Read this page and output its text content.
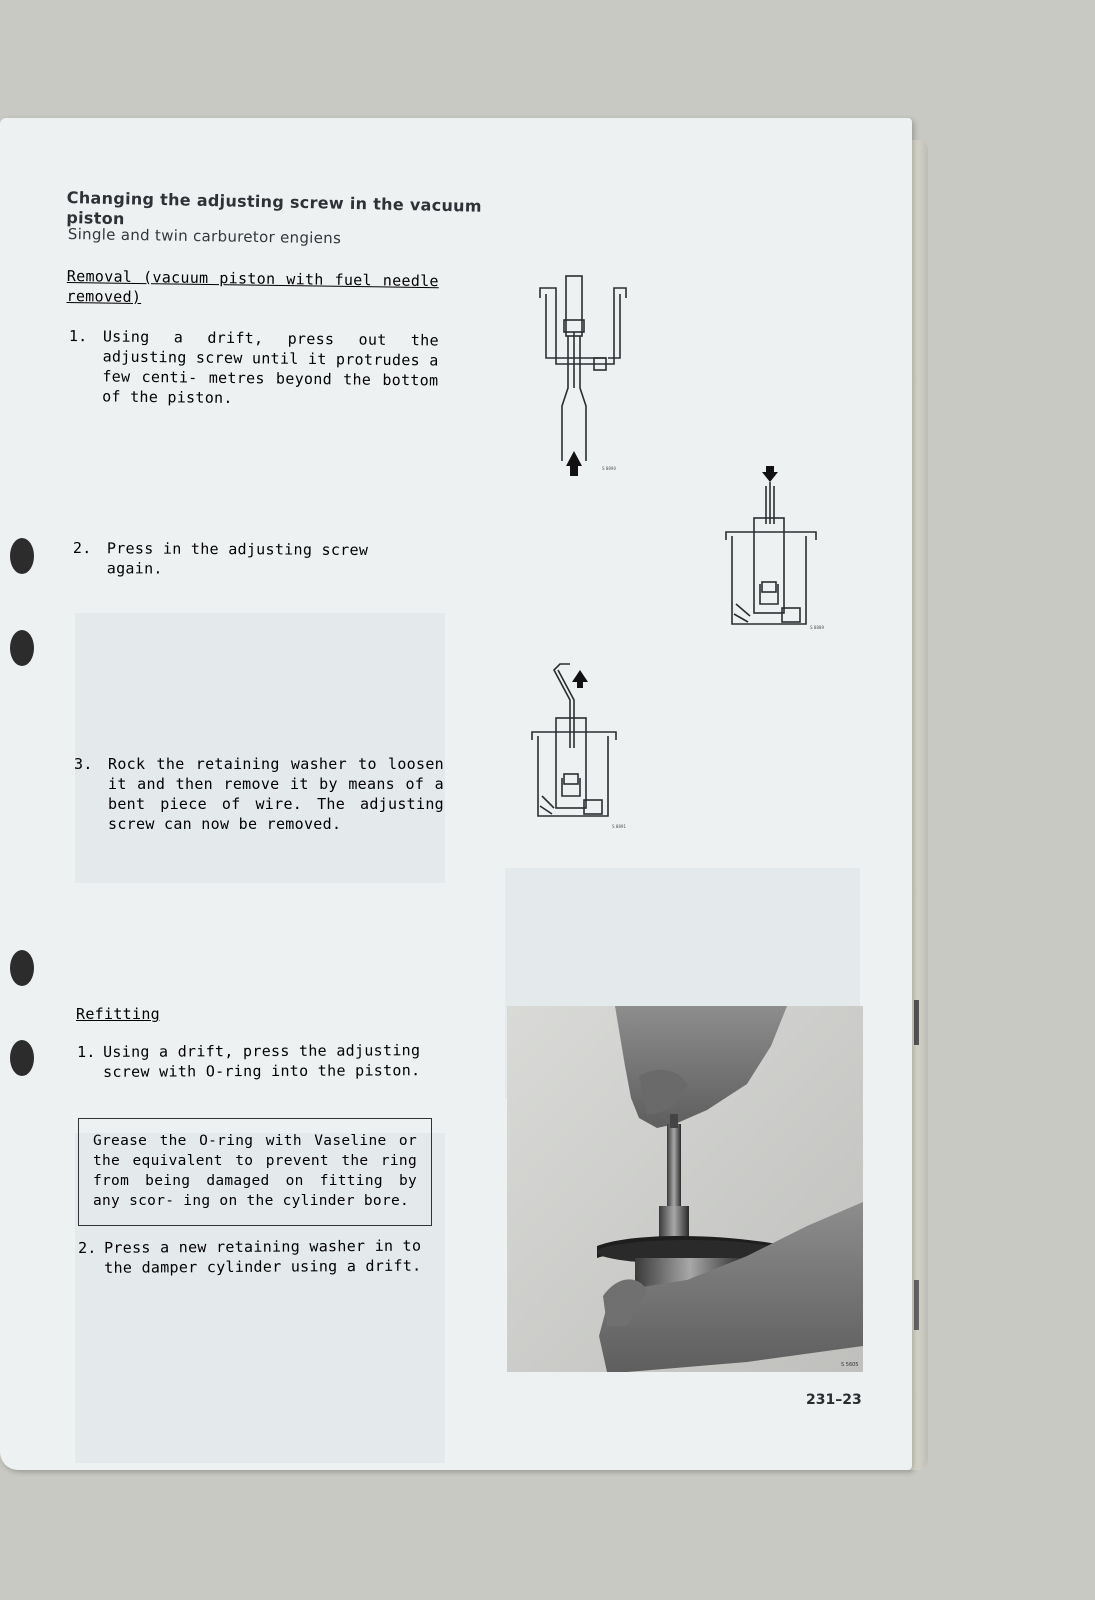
Changing the adjusting screw in the vacuum piston
Single and twin carburetor engiens
Removal (vacuum piston with fuel needle removed)
1.	Using a drift, press out the adjusting screw until it protrudes a few centi- metres beyond the bottom of the piston.
2.	Press in the adjusting screw again.
3.	Rock the retaining washer to loosen it and then remove it by means of a bent piece of wire. The adjusting screw can now be removed.
Refitting
1. Using a drift, press the adjusting screw with O-ring into the piston.
Grease the O-ring with Vaseline or the equivalent to prevent the ring from being damaged on fitting by any scor- ing on the cylinder bore.
2. Press a new retaining washer in to the damper cylinder using a drift.
231–23
S 8890
S 8889
S 8891
S 5605
